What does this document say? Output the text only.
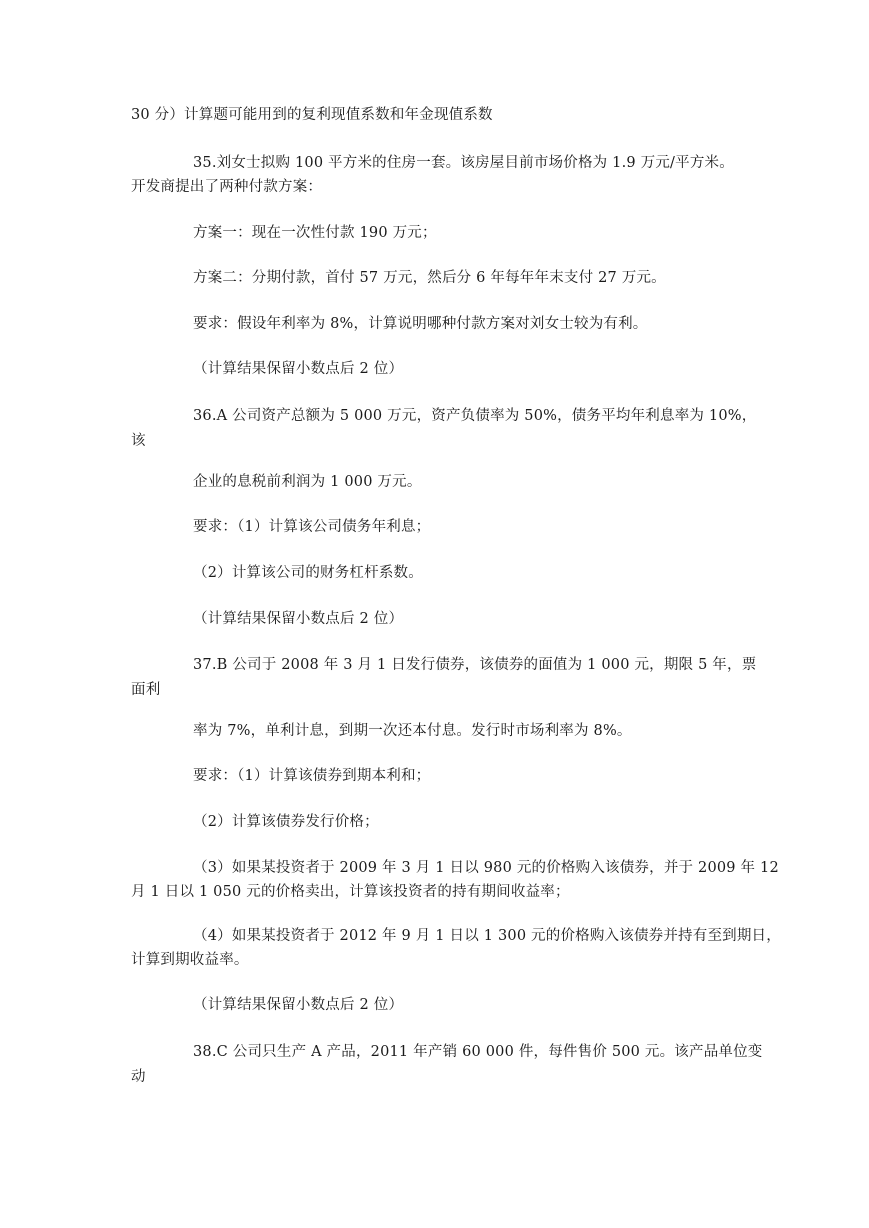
30 分）计算题可能用到的复利现值系数和年金现值系数
35.刘女士拟购 100 平方米的住房一套。该房屋目前市场价格为 1.9 万元/平方米。
开发商提出了两种付款方案：
方案一：现在一次性付款 190 万元；
方案二：分期付款，首付 57 万元，然后分 6 年每年年末支付 27 万元。
要求：假设年利率为 8%，计算说明哪种付款方案对刘女士较为有利。
（计算结果保留小数点后 2 位）
36.A 公司资产总额为 5 000 万元，资产负债率为 50%，债务平均年利息率为 10%，
该
企业的息税前利润为 1 000 万元。
要求：（1）计算该公司债务年利息；
（2）计算该公司的财务杠杆系数。
（计算结果保留小数点后 2 位）
37.B 公司于 2008 年 3 月 1 日发行债券，该债券的面值为 1 000 元，期限 5 年，票
面利
率为 7%，单利计息，到期一次还本付息。发行时市场利率为 8%。
要求：（1）计算该债券到期本利和；
（2）计算该债券发行价格；
（3）如果某投资者于 2009 年 3 月 1 日以 980 元的价格购入该债券，并于 2009 年 12
月 1 日以 1 050 元的价格卖出，计算该投资者的持有期间收益率；
（4）如果某投资者于 2012 年 9 月 1 日以 1 300 元的价格购入该债券并持有至到期日，
计算到期收益率。
（计算结果保留小数点后 2 位）
38.C 公司只生产 A 产品，2011 年产销 60 000 件，每件售价 500 元。该产品单位变
动
